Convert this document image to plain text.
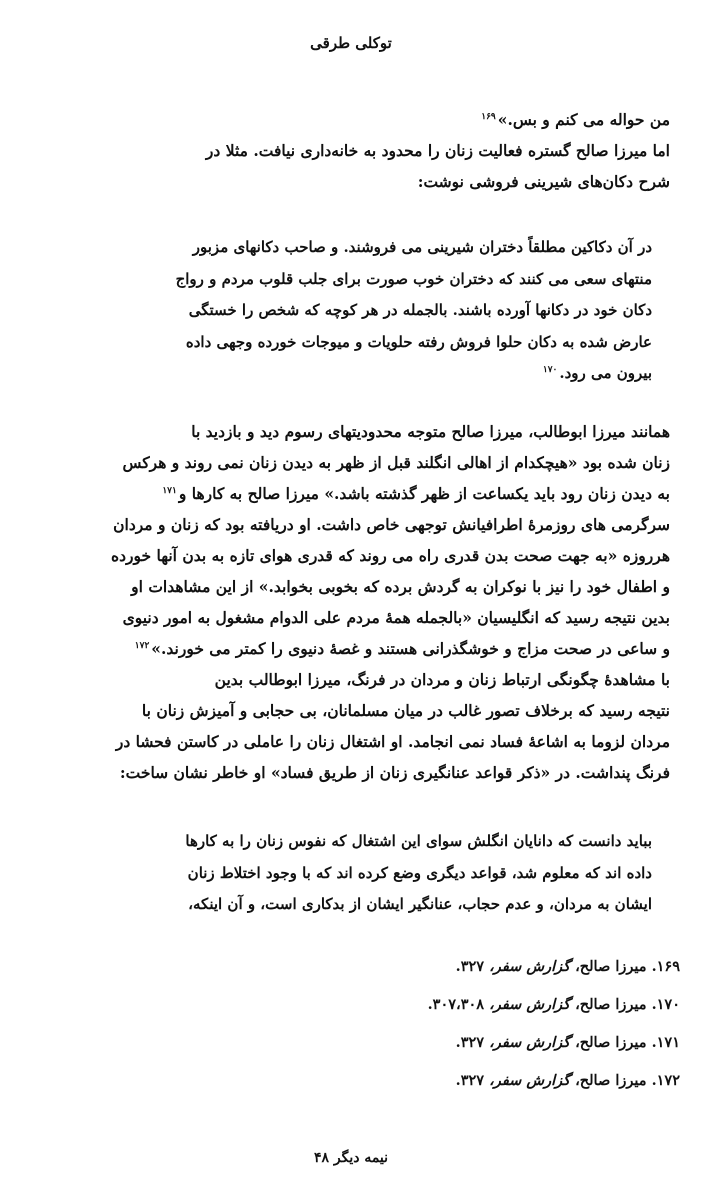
توکلی طرقی
من حواله می کنم و بس.»$^{۱۶۹}$
اما میرزا صالح گستره فعالیت زنان را محدود به خانه‌داری نیافت. مثلا در
شرح دکان‌های شیرینی فروشی نوشت:
در آن دکاکین مطلقاً دختران شیرینی می فروشند. و صاحب دکانهای مزبور
منتهای سعی می کنند که دختران خوب صورت برای جلب قلوب مردم و رواج
دکان خود در دکانها آورده باشند. بالجمله در هر کوچه که شخص را خستگی
عارض شده به دکان حلوا فروش رفته حلویات و میوجات خورده وجهی داده
بیرون می رود.$^{۱۷۰}$
همانند میرزا ابوطالب، میرزا صالح متوجه محدودیتهای رسوم دید و بازدید با
زنان شده بود «هیچکدام از اهالی انگلند قبل از ظهر به دیدن زنان نمی روند و هرکس
به دیدن زنان رود باید یکساعت از ظهر گذشته باشد.» میرزا صالح به کارها و$^{۱۷۱}$
سرگرمی های روزمرهٔ اطرافیانش توجهی خاص داشت. او دریافته بود که زنان و مردان
هرروزه «به جهت صحت بدن قدری راه می روند که قدری هوای تازه به بدن آنها خورده
و اطفال خود را نیز با نوکران به گردش برده که بخوبی بخوابد.» از این مشاهدات او
بدین نتیجه رسید که انگلیسیان «بالجمله همهٔ مردم علی الدوام مشغول به امور دنیوی
و ساعی در صحت مزاج و خوشگذرانی هستند و غصهٔ دنیوی را کمتر می خورند.»$^{۱۷۲}$
با مشاهدهٔ چگونگی ارتباط زنان و مردان در فرنگ، میرزا ابوطالب بدین
نتیجه رسید که برخلاف تصور غالب در میان مسلمانان، بی حجابی و آمیزش زنان با
مردان لزوما به اشاعهٔ فساد نمی انجامد. او اشتغال زنان را عاملی در کاستن فحشا در
فرنگ پنداشت. در «ذکر قواعد عنانگیری زنان از طریق فساد» او خاطر نشان ساخت:
بباید دانست که دانایان انگلش سوای این اشتغال که نفوس زنان را به کارها
داده اند که معلوم شد، قواعد دیگری وضع کرده اند که با وجود اختلاط زنان
ایشان به مردان، و عدم حجاب، عنانگیر ایشان از بدکاری است، و آن اینکه،
۱۶۹. میرزا صالح، گزارش سفر، ۳۲۷.
۱۷۰. میرزا صالح، گزارش سفر، ۳۰۷،۳۰۸.
۱۷۱. میرزا صالح، گزارش سفر، ۳۲۷.
۱۷۲. میرزا صالح، گزارش سفر، ۳۲۷.
نیمه دیگر ۴۸
